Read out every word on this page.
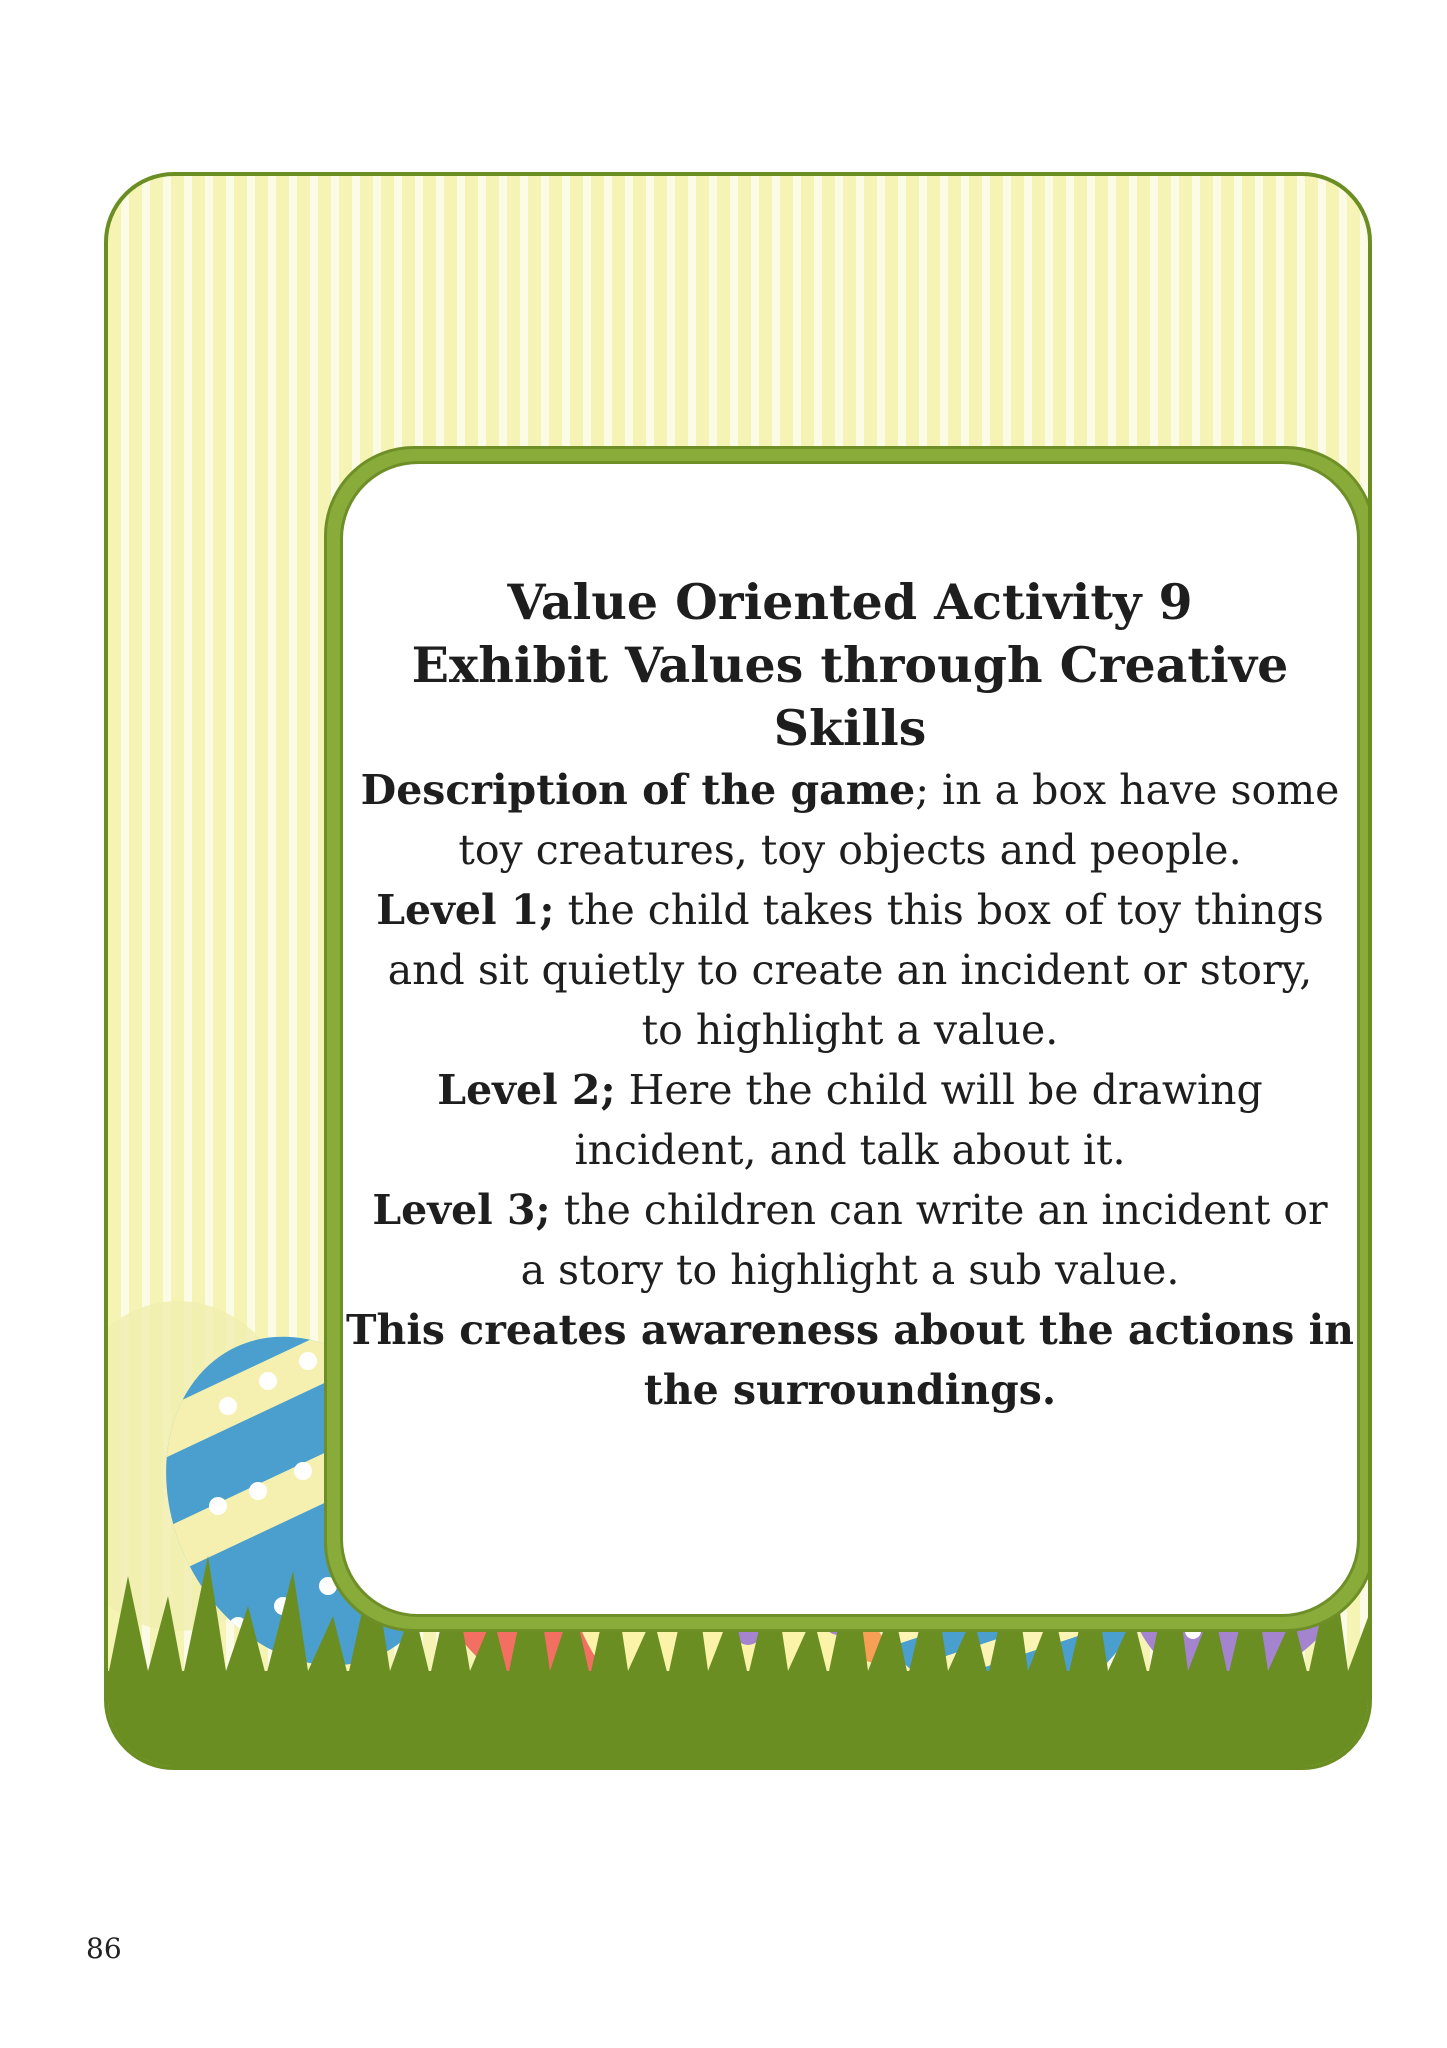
Value Oriented Activity 9

Exhibit Values through Creative

Skills

Description of the game; in a box have some

toy creatures, toy objects and people.

Level 1; the child takes this box of toy things

and sit quietly to create an incident or story,

to highlight a value.

Level 2; Here the child will be drawing

incident, and talk about it.

Level 3; the children can write an incident or

a story to highlight a sub value.

This creates awareness about the actions in

the surroundings.

86
